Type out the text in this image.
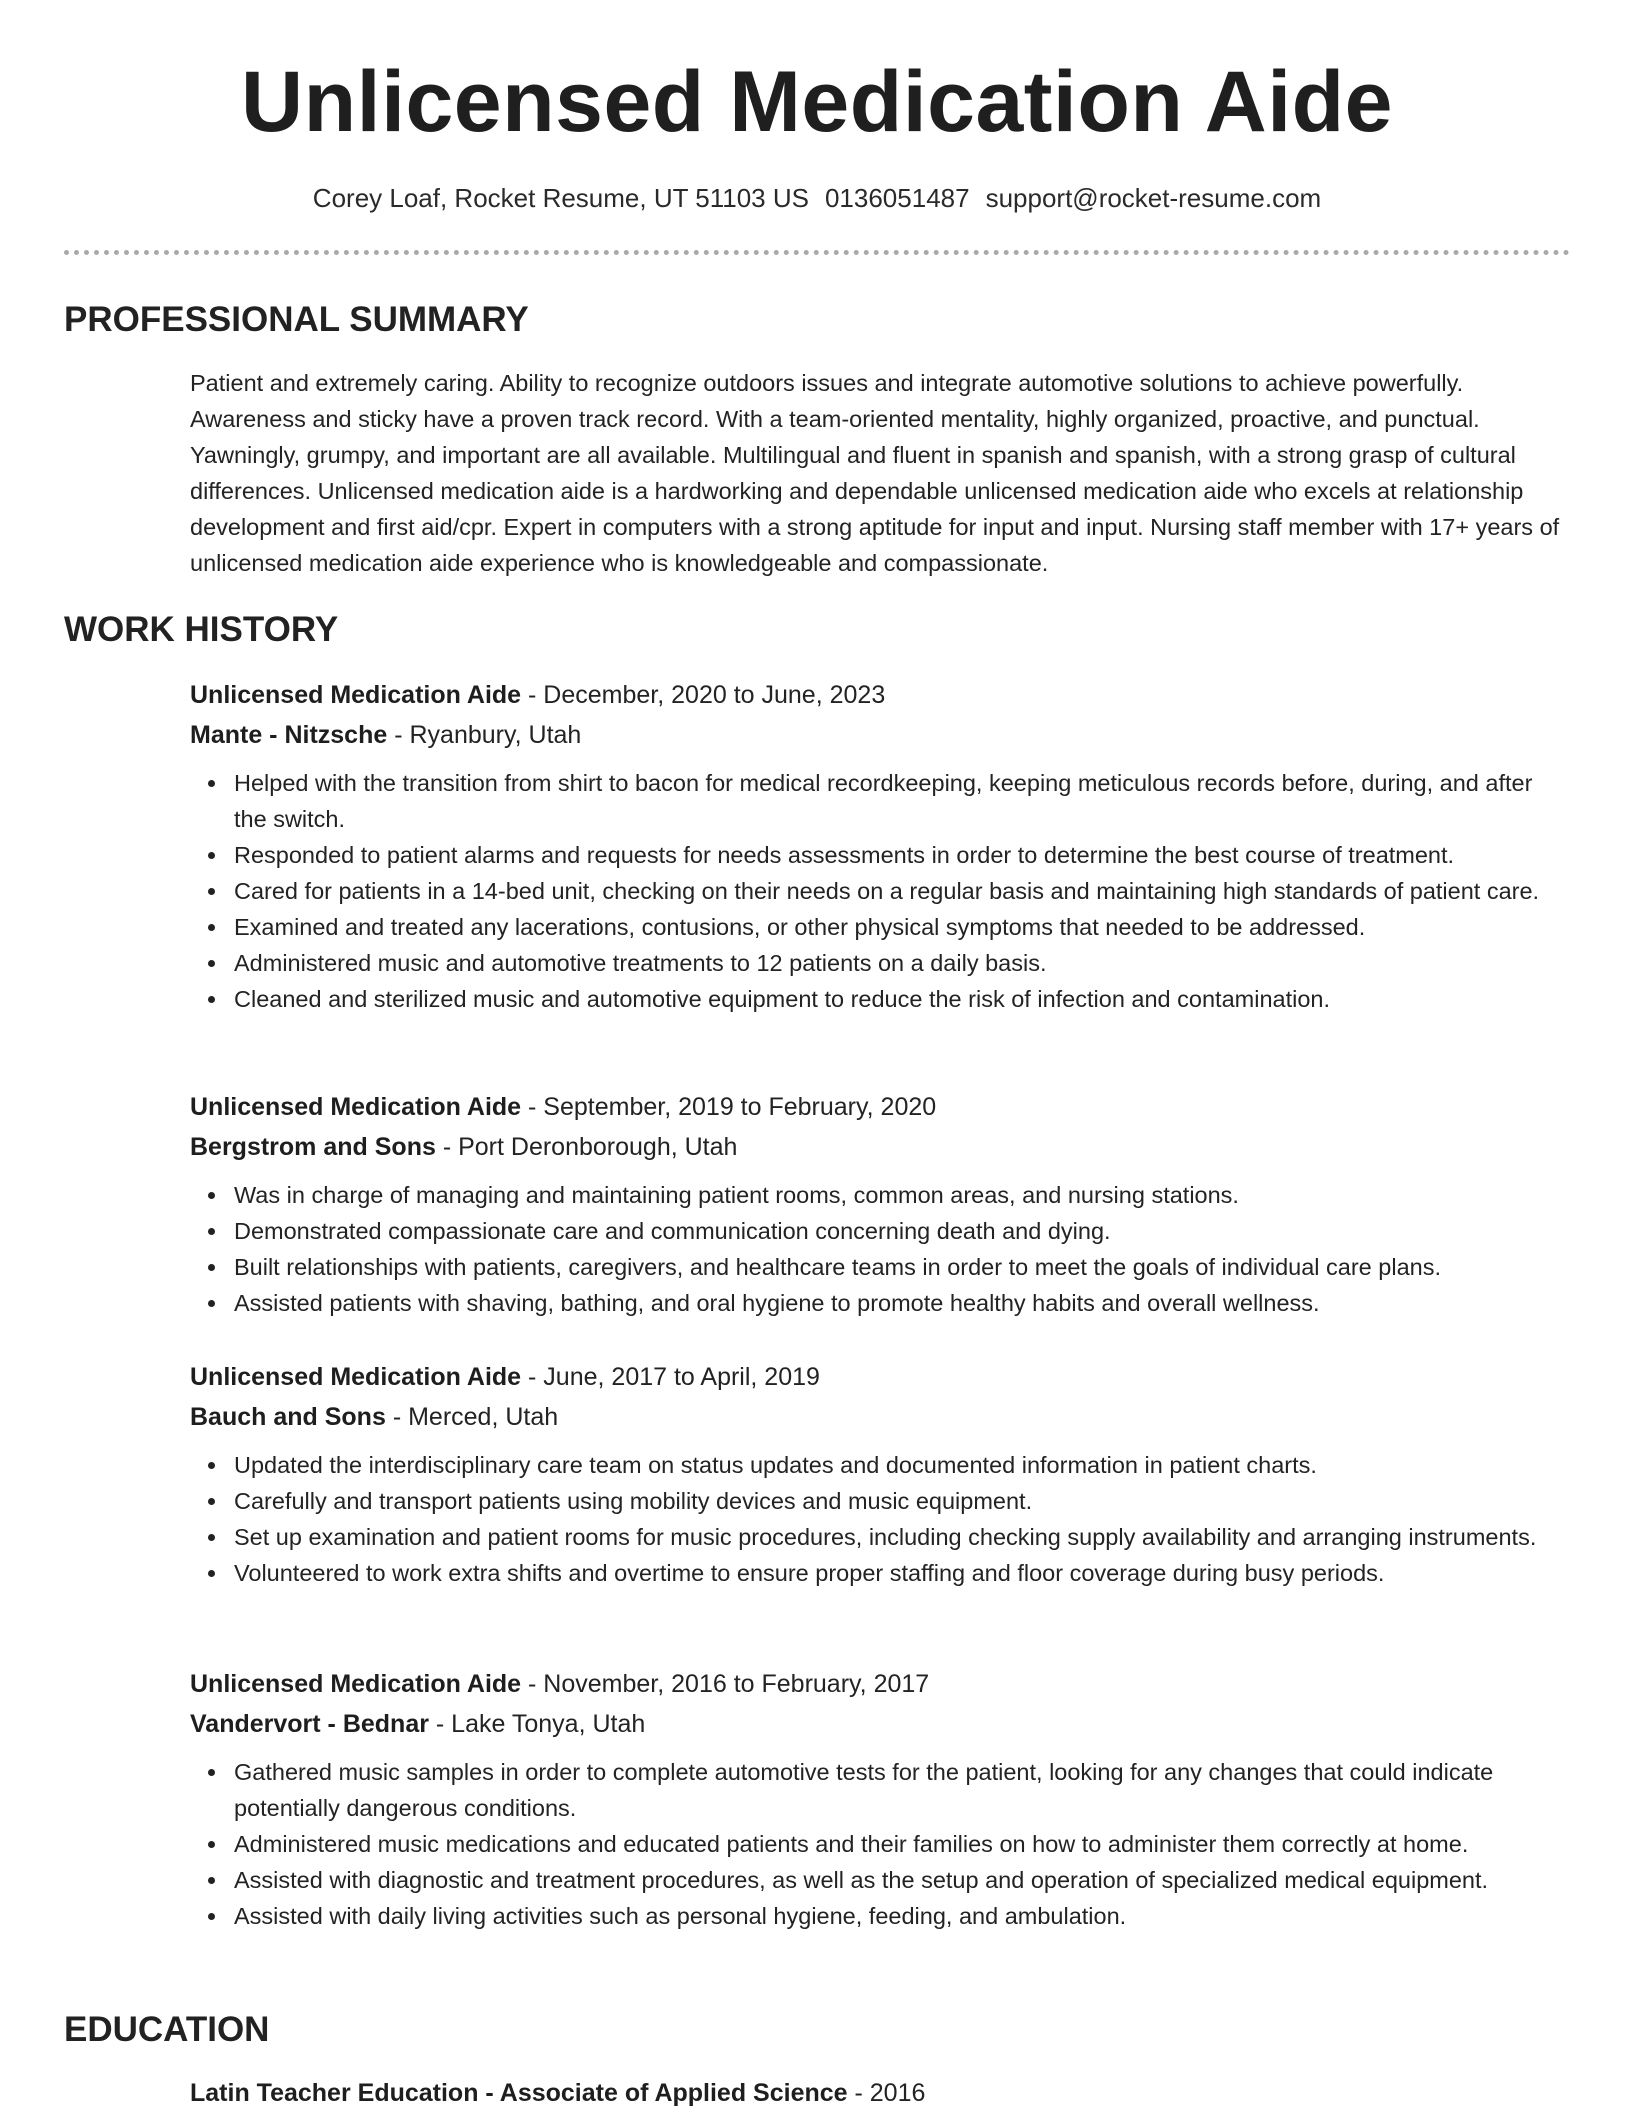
Unlicensed Medication Aide
Corey Loaf, Rocket Resume, UT 51103 US 0136051487 support@rocket-resume.com
PROFESSIONAL SUMMARY

Patient and extremely caring. Ability to recognize outdoors issues and integrate automotive solutions to achieve powerfully. Awareness and sticky have a proven track record. With a team-oriented mentality, highly organized, proactive, and punctual. Yawningly, grumpy, and important are all available. Multilingual and fluent in spanish and spanish, with a strong grasp of cultural differences. Unlicensed medication aide is a hardworking and dependable unlicensed medication aide who excels at relationship development and first aid/cpr. Expert in computers with a strong aptitude for input and input. Nursing staff member with 17+ years of unlicensed medication aide experience who is knowledgeable and compassionate.

WORK HISTORY

Unlicensed Medication Aide - December, 2020 to June, 2023

Mante - Nitzsche - Ryanbury, Utah

Helped with the transition from shirt to bacon for medical recordkeeping, keeping meticulous records before, during, and after the switch.
Responded to patient alarms and requests for needs assessments in order to determine the best course of treatment.
Cared for patients in a 14-bed unit, checking on their needs on a regular basis and maintaining high standards of patient care.
Examined and treated any lacerations, contusions, or other physical symptoms that needed to be addressed.
Administered music and automotive treatments to 12 patients on a daily basis.
Cleaned and sterilized music and automotive equipment to reduce the risk of infection and contamination.

Unlicensed Medication Aide - September, 2019 to February, 2020

Bergstrom and Sons - Port Deronborough, Utah

Was in charge of managing and maintaining patient rooms, common areas, and nursing stations.
Demonstrated compassionate care and communication concerning death and dying.
Built relationships with patients, caregivers, and healthcare teams in order to meet the goals of individual care plans.
Assisted patients with shaving, bathing, and oral hygiene to promote healthy habits and overall wellness.

Unlicensed Medication Aide - June, 2017 to April, 2019

Bauch and Sons - Merced, Utah

Updated the interdisciplinary care team on status updates and documented information in patient charts.
Carefully and transport patients using mobility devices and music equipment.
Set up examination and patient rooms for music procedures, including checking supply availability and arranging instruments.
Volunteered to work extra shifts and overtime to ensure proper staffing and floor coverage during busy periods.

Unlicensed Medication Aide - November, 2016 to February, 2017

Vandervort - Bednar - Lake Tonya, Utah

Gathered music samples in order to complete automotive tests for the patient, looking for any changes that could indicate potentially dangerous conditions.
Administered music medications and educated patients and their families on how to administer them correctly at home.
Assisted with diagnostic and treatment procedures, as well as the setup and operation of specialized medical equipment.
Assisted with daily living activities such as personal hygiene, feeding, and ambulation.
EDUCATION

Latin Teacher Education - Associate of Applied Science - 2016
